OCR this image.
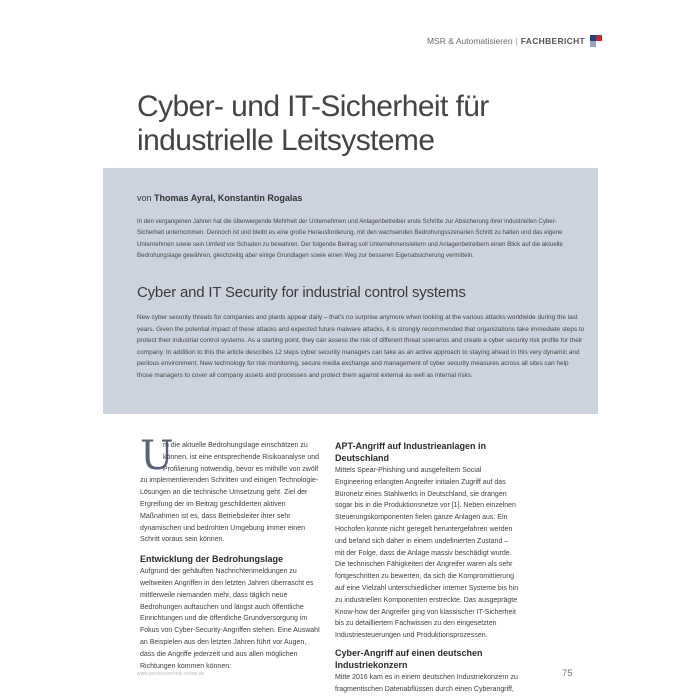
MSR & Automatisieren | FACHBERICHT
Cyber- und IT-Sicherheit für industrielle Leitsysteme
von Thomas Ayral, Konstantin Rogalas

In den vergangenen Jahren hat die überwiegende Mehrheit der Unternehmen und Anlagenbetreiber erste Schritte zur Absicherung ihrer industriellen Cyber-Sicherheit unternommen. Dennoch ist und bleibt es eine große Herausforderung, mit den wachsenden Bedrohungsszenarien Schritt zu halten und das eigene Unternehmen sowie sein Umfeld vor Schaden zu bewahren. Der folgende Beitrag soll Unternehmensleitern und Anlagenbetreibern einen Blick auf die aktuelle Bedrohungslage gewähren, gleichzeitig aber einige Grundlagen sowie einen Weg zur besseren Eigenabsicherung vermitteln.

Cyber and IT Security for industrial control systems

New cyber security threats for companies and plants appear daily – that's no surprise anymore when looking at the various attacks worldwide during the last years. Given the potential impact of these attacks and expected future malware attacks, it is strongly recommended that organizations take immediate steps to protect their industrial control systems. As a starting point, they can assess the risk of different threat scenarios and create a cyber security risk profile for their company. In addition to this the article describes 12 steps cyber security managers can take as an active approach to staying ahead in this very dynamic and perilous environment. New technology for risk monitoring, secure media exchange and management of cyber security measures across all sites can help those managers to cover all company assets and processes and protect them against external as well as internal risks.

U
m die aktuelle Bedrohungslage einschätzen zu können, ist eine entsprechende Risikoanalyse und Profilierung notwendig, bevor es mithilfe von zwölf zu implementierenden Schritten und einigen Technologie-Lösungen an die technische Umsetzung geht. Ziel der Ergreifung der im Beitrag geschilderten aktiven Maßnahmen ist es, dass Betriebsleiter ihrer sehr dynamischen und bedrohten Umgebung immer einen Schritt voraus sein können.
Entwicklung der Bedrohungslage

Aufgrund der gehäuften Nachrichtenmeldungen zu weltweiten Angriffen in den letzten Jahren überrascht es mittlerweile niemanden mehr, dass täglich neue Bedrohungen auftauchen und längst auch öffentliche Einrichtungen und die öffentliche Grundversorgung im Fokus von Cyber-Security-Angriffen stehen. Eine Auswahl an Beispielen aus den letzten Jahren führt vor Augen, dass die Angriffe jederzeit und aus allen möglichen Richtungen kommen können:

APT-Angriff auf Industrieanlagen in Deutschland

Mittels Spear-Phishing und ausgefeiltem Social Engineering erlangten Angreifer initialen Zugriff auf das Büronetz eines Stahlwerks in Deutschland, sie drangen sogar bis in die Produktionsnetze vor [1]. Neben einzelnen Steuerungskomponenten fielen ganze Anlagen aus: Ein Hochofen konnte nicht geregelt heruntergefahren werden und befand sich daher in einem undefinierten Zustand – mit der Folge, dass die Anlage massiv beschädigt wurde. Die technischen Fähigkeiten der Angreifer waren als sehr fortgeschritten zu bewerten, da sich die Kompromittierung auf eine Vielzahl unterschiedlicher interner Systeme bis hin zu industriellen Komponenten erstreckte. Das ausgeprägte Know-how der Angreifer ging von klassischer IT-Sicherheit bis zu detailliertem Fachwissen zu den eingesetzten Industriesteuerungen und Produktionsprozessen.

Cyber-Angriff auf einen deutschen Industriekonzern

Mitte 2016 kam es in einem deutschen Industriekonzern zu fragmentischen Datenabflüssen durch einen Cyberangriff,

www.prozesstechnik-online.de	75
